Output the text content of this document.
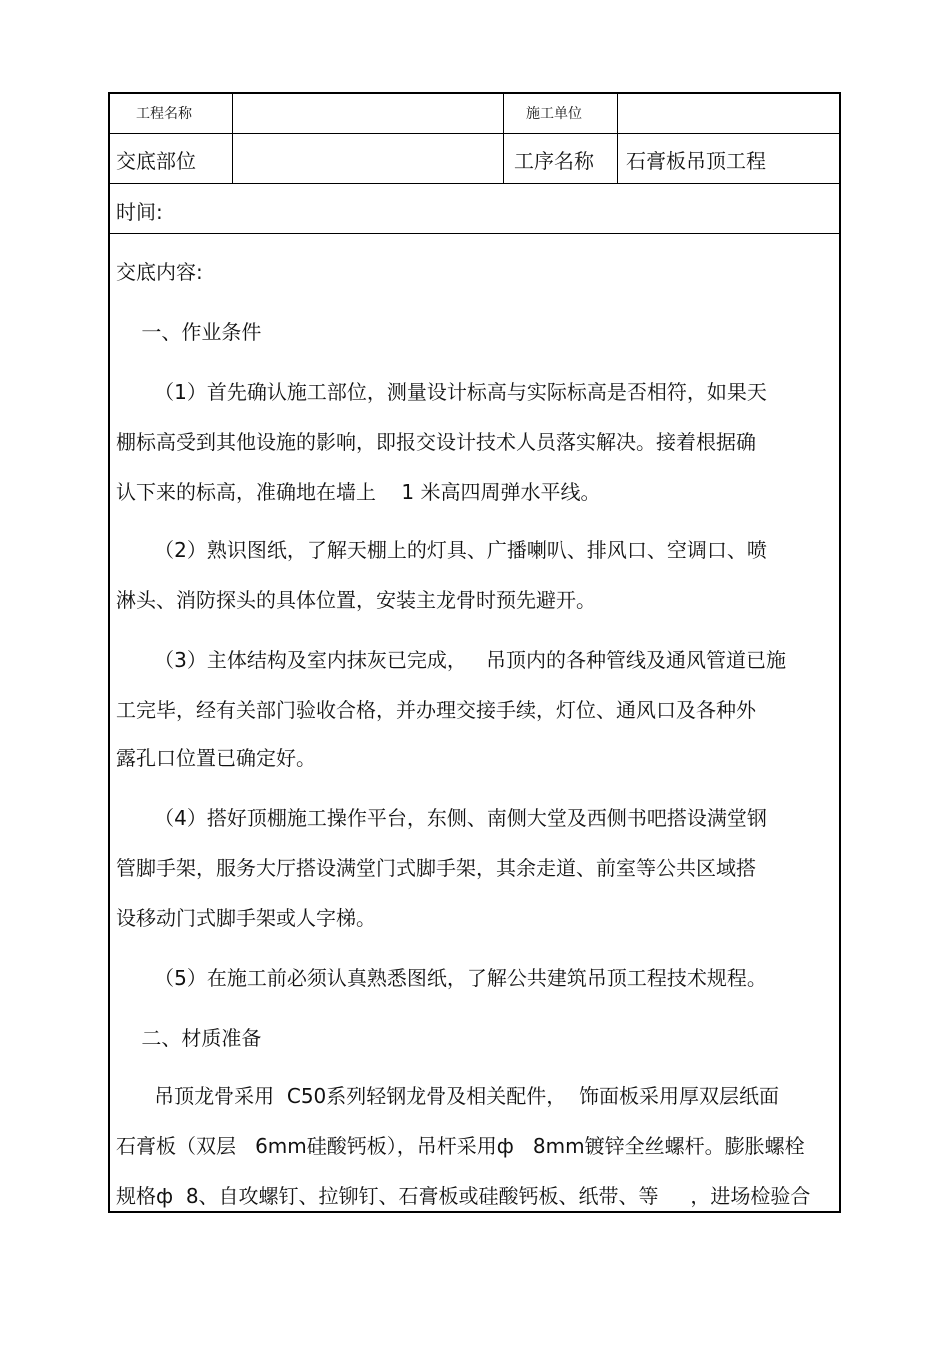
工程名称	施工单位
交底部位	工序名称 石膏板吊顶工程
时间:
交底内容:
一、作业条件
（1）首先确认施工部位，测量设计标高与实际标高是否相符，如果天
棚标高受到其他设施的影响，即报交设计技术人员落实解决。接着根据确
认下来的标高，准确地在墙上    1 米高四周弹水平线。
（2）熟识图纸，了解天棚上的灯具、广播喇叭、排风口、空调口、喷
淋头、消防探头的具体位置，安装主龙骨时预先避开。
（3）主体结构及室内抹灰已完成，   吊顶内的各种管线及通风管道已施
工完毕，经有关部门验收合格，并办理交接手续，灯位、通风口及各种外
露孔口位置已确定好。
（4）搭好顶棚施工操作平台，东侧、南侧大堂及西侧书吧搭设满堂钢
管脚手架，服务大厅搭设满堂门式脚手架，其余走道、前室等公共区域搭
设移动门式脚手架或人字梯。
（5）在施工前必须认真熟悉图纸，了解公共建筑吊顶工程技术规程。
二、材质准备
吊顶龙骨采用  C50系列轻钢龙骨及相关配件，  饰面板采用厚双层纸面
石膏板（双层   6mm硅酸钙板），吊杆采用ф   8mm镀锌全丝螺杆。膨胀螺栓
规格ф  8、自攻螺钉、拉铆钉、石膏板或硅酸钙板、纸带、等     ，进场检验合
